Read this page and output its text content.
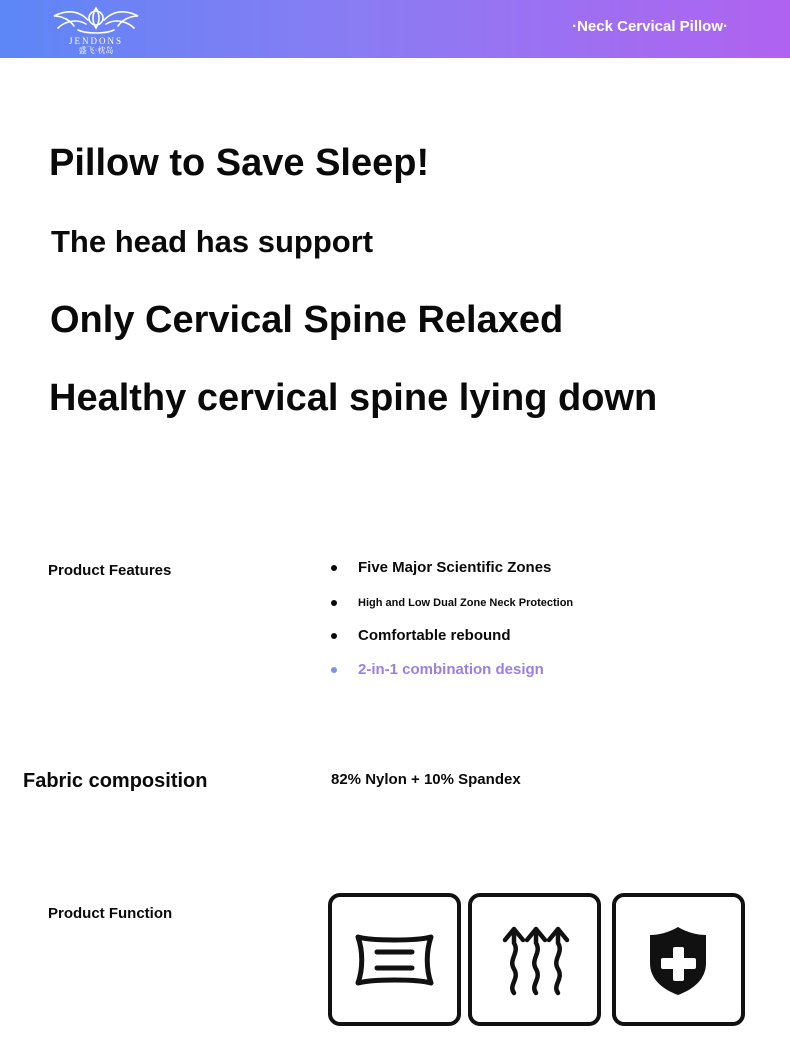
JENDONS
盛飞·枕岛
·Neck Cervical Pillow·
Pillow to Save Sleep!
The head has support
Only Cervical Spine Relaxed
Healthy cervical spine lying down
Product Features	Five Major Scientific Zones
High and Low Dual Zone Neck Protection
Comfortable rebound
2-in-1 combination design
Fabric composition	82% Nylon + 10% Spandex
Product Function
